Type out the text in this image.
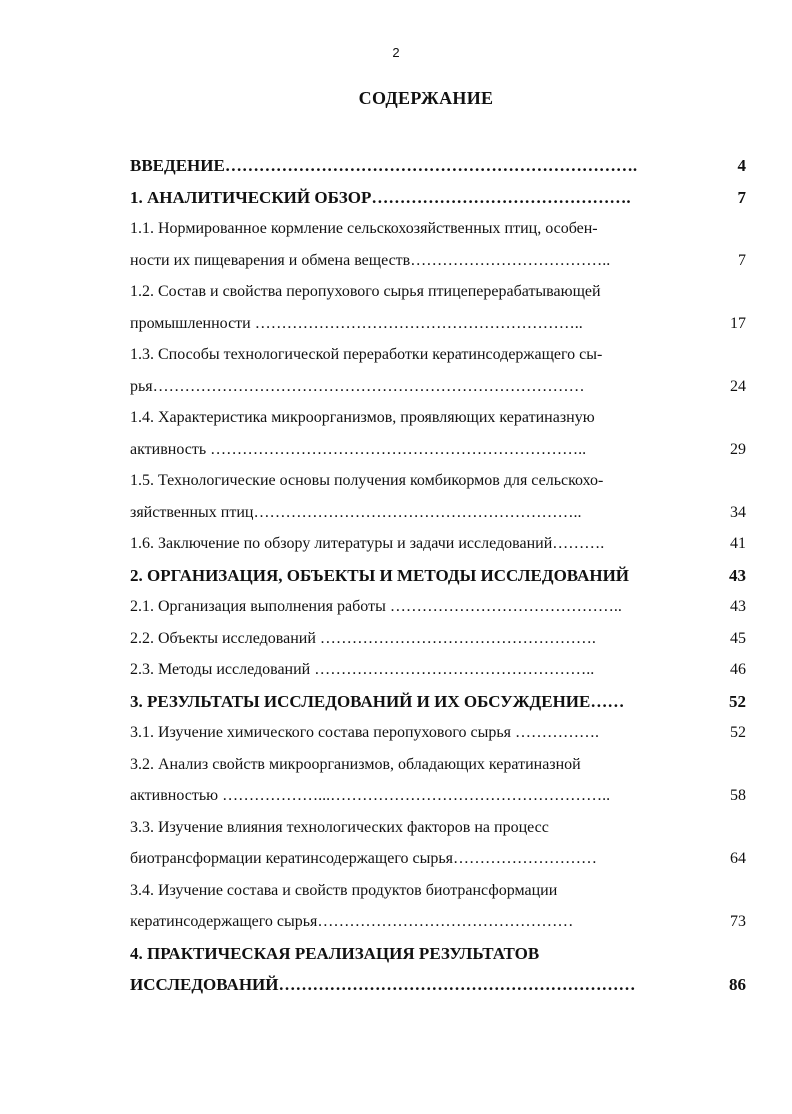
2
СОДЕРЖАНИЕ
ВВЕДЕНИЕ……………………………………………………………….	4
1. АНАЛИТИЧЕСКИЙ ОБЗОР……………………………………….	7
1.1. Нормированное кормление сельскохозяйственных птиц, особен-
ности их пищеварения и обмена веществ………………………………..	7
1.2. Состав и свойства перопухового сырья птицеперерабатывающей
промышленности ……………………………………………………..	17
1.3. Способы технологической переработки кератинсодержащего сы-
рья………………………………………………………………………	24
1.4. Характеристика микроорганизмов, проявляющих кератиназную
активность ……………………………………………………………..	29
1.5. Технологические основы получения комбикормов для сельскохо-
зяйственных птиц……………………………………………………..	34
1.6. Заключение по обзору литературы и задачи исследований……….	41
2. ОРГАНИЗАЦИЯ, ОБЪЕКТЫ И МЕТОДЫ ИССЛЕДОВАНИЙ	43
2.1. Организация выполнения работы ……………………………………..	43
2.2. Объекты исследований …………………………………………….	45
2.3. Методы исследований ……………………………………………..	46
3. РЕЗУЛЬТАТЫ ИССЛЕДОВАНИЙ И ИХ ОБСУЖДЕНИЕ……	52
3.1. Изучение химического состава перопухового сырья …………….	52
3.2. Анализ свойств микроорганизмов, обладающих кератиназной
активностью ………………...……………………………………………..	58
3.3. Изучение влияния технологических факторов на процесс
биотрансформации кератинсодержащего сырья………………………	64
3.4. Изучение состава и свойств продуктов биотрансформации
кератинсодержащего сырья…………………………………………	73
4. ПРАКТИЧЕСКАЯ РЕАЛИЗАЦИЯ РЕЗУЛЬТАТОВ
ИССЛЕДОВАНИЙ………………………………………………………	86
